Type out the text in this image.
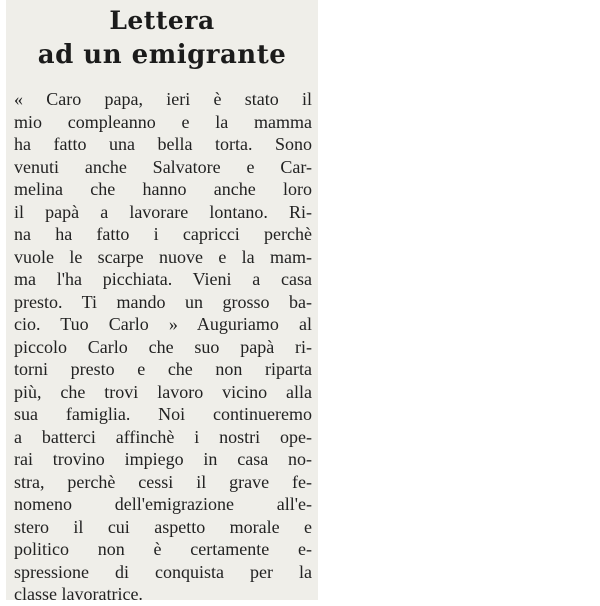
Lettera
ad un emigrante
« Caro papa, ieri è stato il
mio compleanno e la mamma
ha fatto una bella torta. Sono
venuti anche Salvatore e Car-
melina che hanno anche loro
il papà a lavorare lontano. Ri-
na ha fatto i capricci perchè
vuole le scarpe nuove e la mam-
ma l'ha picchiata. Vieni a casa
presto. Ti mando un grosso ba-
cio. Tuo Carlo » Auguriamo al
piccolo Carlo che suo papà ri-
torni presto e che non riparta
più, che trovi lavoro vicino alla
sua famiglia. Noi continueremo
a batterci affinchè i nostri ope-
rai trovino impiego in casa no-
stra, perchè cessi il grave fe-
nomeno dell'emigrazione all'e-
stero il cui aspetto morale e
politico non è certamente e-
spressione di conquista per la
classe lavoratrice.
